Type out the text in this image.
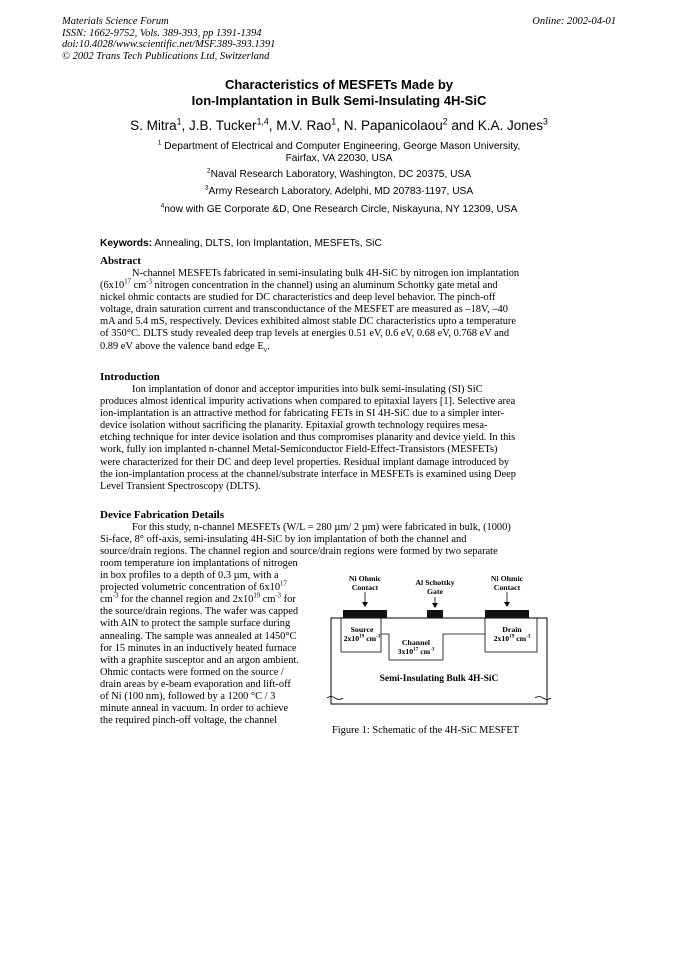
Materials Science Forum
ISSN: 1662-9752, Vols. 389-393, pp 1391-1394
doi:10.4028/www.scientific.net/MSF.389-393.1391
© 2002 Trans Tech Publications Ltd, Switzerland
Online: 2002-04-01
Characteristics of MESFETs Made by
Ion-Implantation in Bulk Semi-Insulating 4H-SiC
S. Mitra$^1$, J.B. Tucker$^{1,4}$, M.V. Rao$^1$, N. Papanicolaou$^2$ and K.A. Jones$^3$
$^1$ Department of Electrical and Computer Engineering, George Mason University,
Fairfax, VA 22030, USA
$^2$Naval Research Laboratory, Washington, DC 20375, USA
$^3$Army Research Laboratory, Adelphi, MD 20783-1197, USA
$^4$now with GE Corporate &D, One Research Circle, Niskayuna, NY 12309, USA
Keywords: Annealing, DLTS, Ion Implantation, MESFETs, SiC
Abstract
N-channel MESFETs fabricated in semi-insulating bulk 4H-SiC by nitrogen ion implantation
($6x10^{17}$ $cm^{-3}$ nitrogen concentration in the channel) using an aluminum Schottky gate metal and
nickel ohmic contacts are studied for DC characteristics and deep level behavior. The pinch-off
voltage, drain saturation current and transconductance of the MESFET are measured as –18V, –40
mA and 5.4 mS, respectively. Devices exhibited almost stable DC characteristics upto a temperature
of 350°C. DLTS study revealed deep trap levels at energies 0.51 eV, 0.6 eV, 0.68 eV, 0.768 eV and
0.89 eV above the valence band edge $E_v$.
Introduction
Ion implantation of donor and acceptor impurities into bulk semi-insulating (SI) SiC
produces almost identical impurity activations when compared to epitaxial layers [1]. Selective area
ion-implantation is an attractive method for fabricating FETs in SI 4H-SiC due to a simpler inter-
device isolation without sacrificing the planarity. Epitaxial growth technology requires mesa-
etching technique for inter device isolation and thus compromises planarity and device yield. In this
work, fully ion implanted n-channel Metal-Semiconductor Field-Effect-Transistors (MESFETs)
were characterized for their DC and deep level properties. Residual implant damage introduced by
the ion-implantation process at the channel/substrate interface in MESFETs is examined using Deep
Level Transient Spectroscopy (DLTS).
Device Fabrication Details
For this study, n-channel MESFETs (W/L = 280 µm/ 2 µm) were fabricated in bulk, (1000)
Si-face, 8° off-axis, semi-insulating 4H-SiC by ion implantation of both the channel and
source/drain regions. The channel region and source/drain regions were formed by two separate
room temperature ion implantations of nitrogen
in box profiles to a depth of 0.3 µm, with a
projected volumetric concentration of $6x10^{17}$
$cm^{-3}$ for the channel region and $2x10^{19}$ $cm^{-3}$ for
the source/drain regions. The wafer was capped
with AlN to protect the sample surface during
annealing. The sample was annealed at 1450°C
for 15 minutes in an inductively heated furnace
with a graphite susceptor and an argon ambient.
Ohmic contacts were formed on the source /
drain areas by e-beam evaporation and lift-off
of Ni (100 nm), followed by a 1200 °C / 3
minute anneal in vacuum. In order to achieve
the required pinch-off voltage, the channel
Ni Ohmic
Contact
Al Schottky
Gate
Ni Ohmic
Contact
Source
$2x10^{19}$ $cm^{-3}$
Channel
$3x10^{17}$ $cm^{-3}$
Drain
$2x10^{19}$ $cm^{-3}$
Semi-Insulating Bulk 4H-SiC
Figure 1: Schematic of the 4H-SiC MESFET
